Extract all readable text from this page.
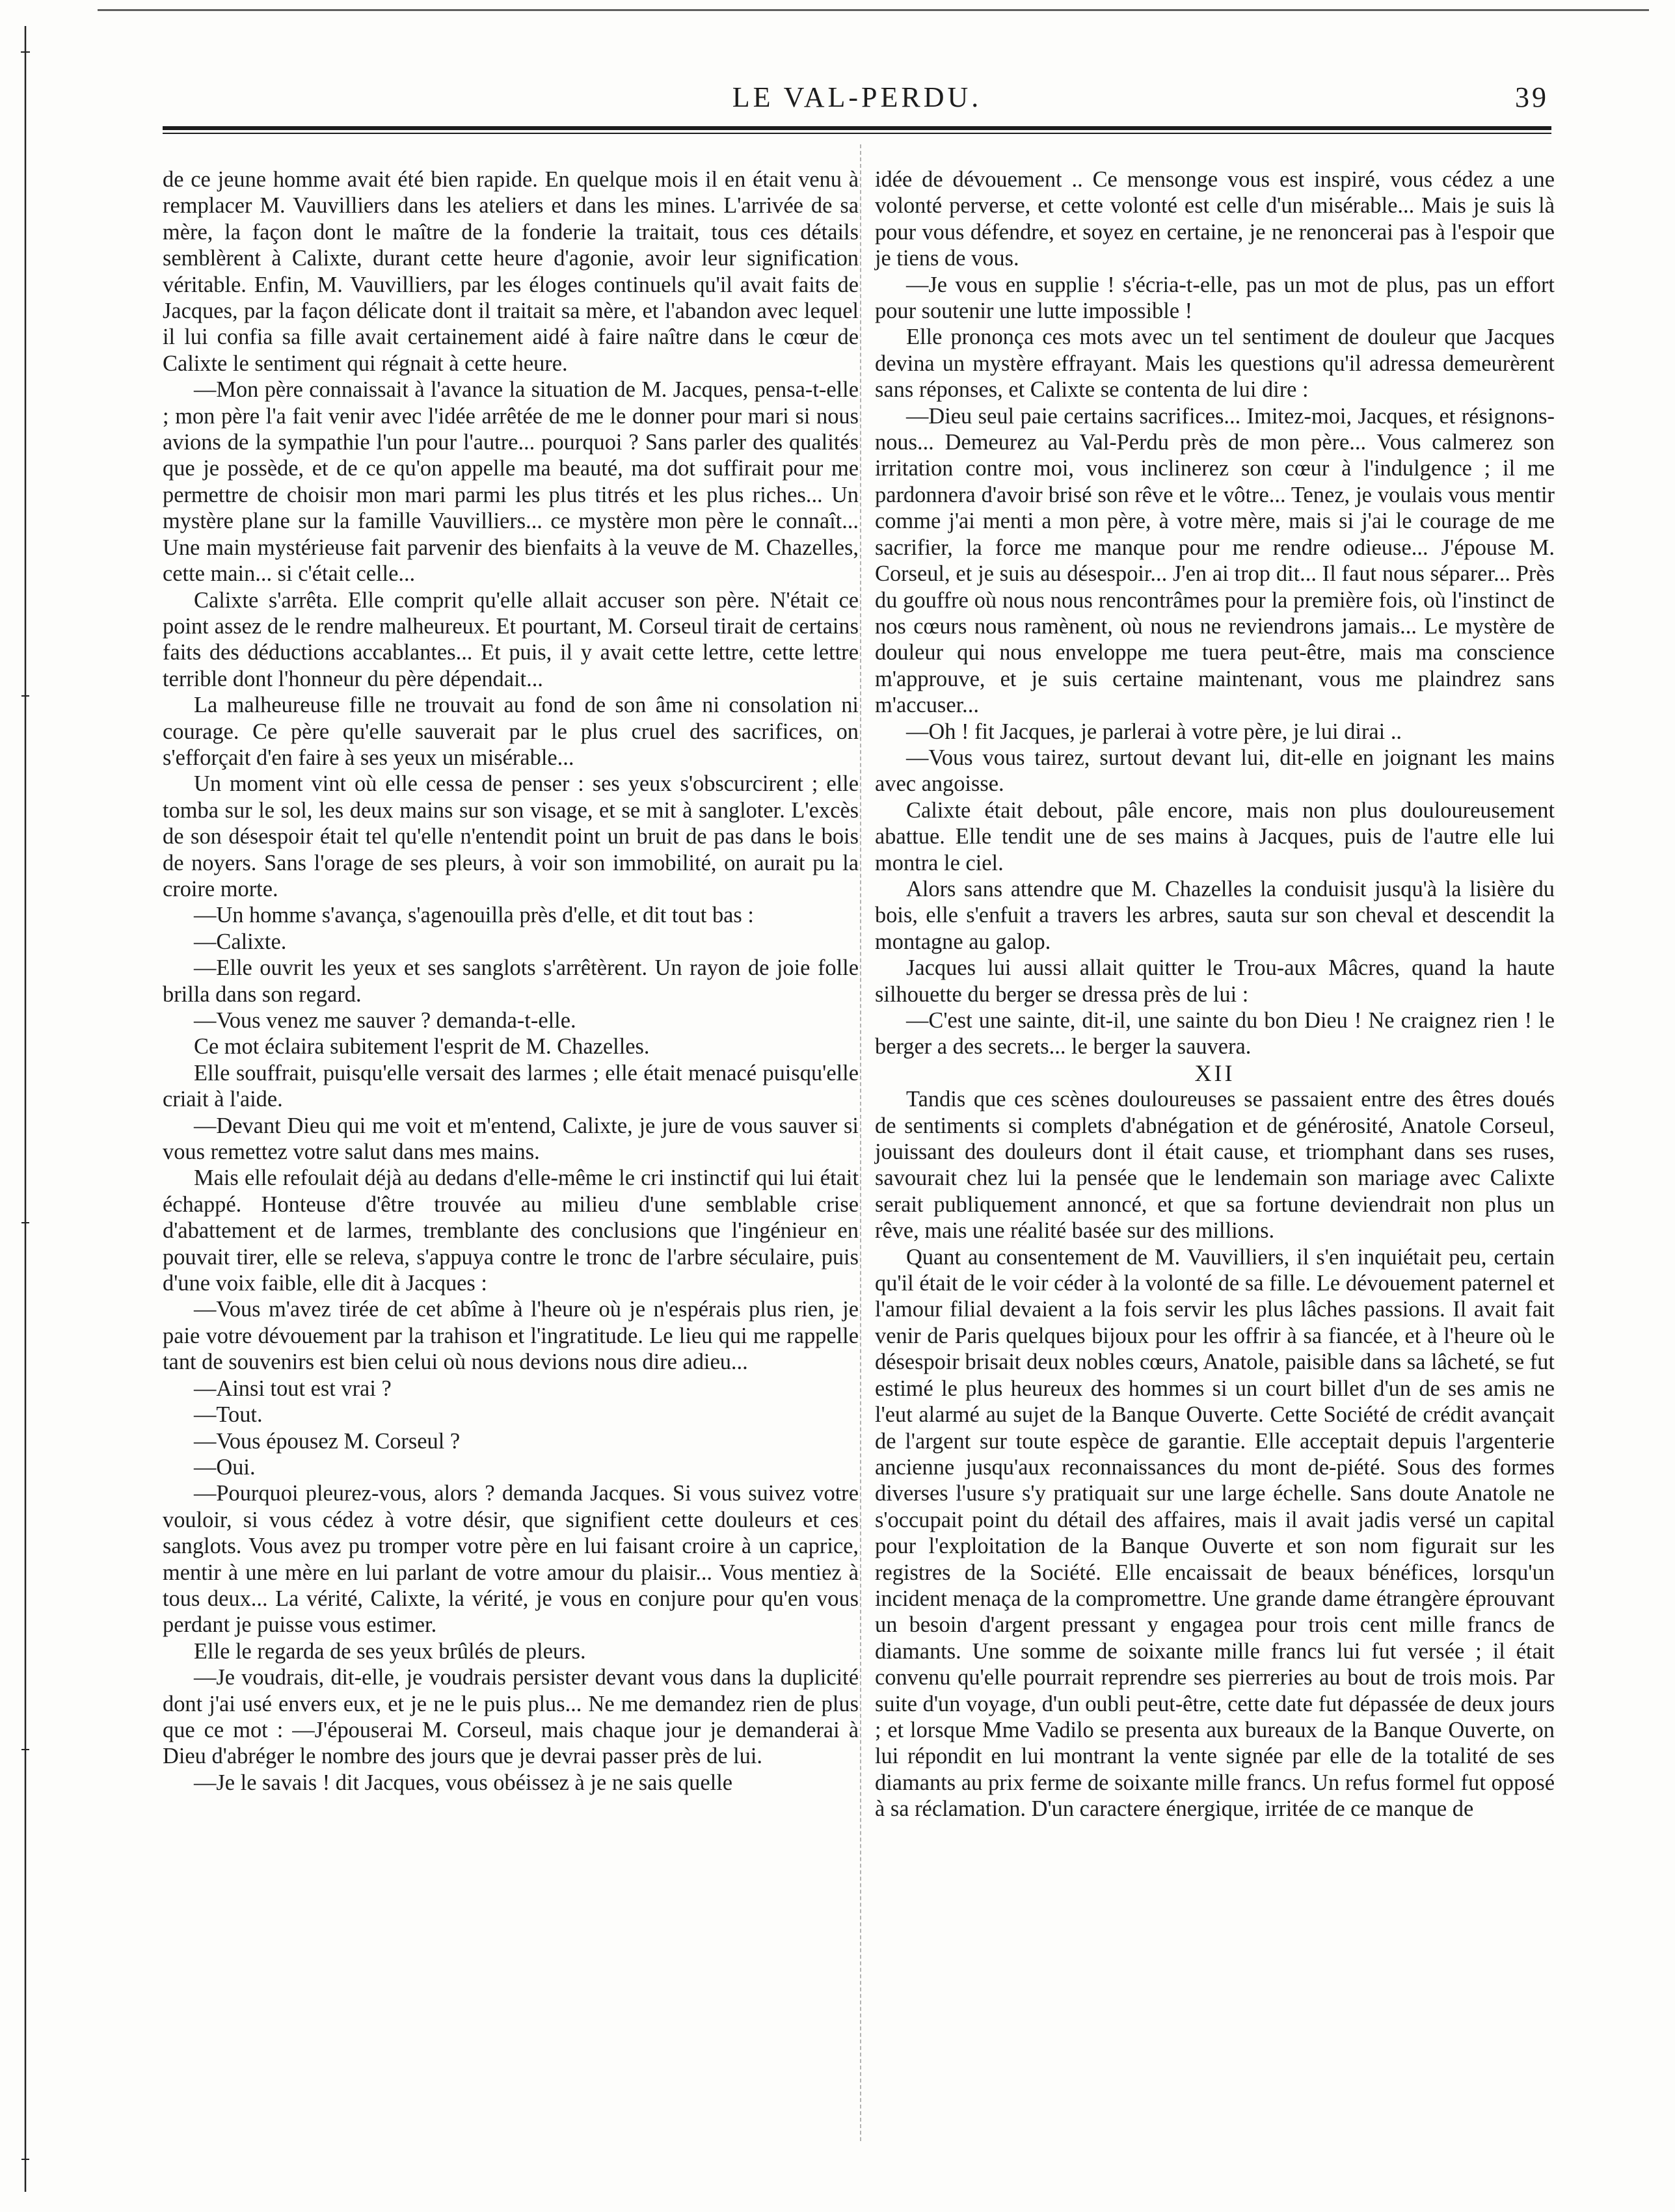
LE VAL-PERDU.	39

de ce jeune homme avait été bien rapide. En quelque mois il en était venu à remplacer M. Vauvilliers dans les ateliers et dans les mines. L'arrivée de sa mère, la façon dont le maître de la fonderie la traitait, tous ces détails semblèrent à Calixte, durant cette heure d'agonie, avoir leur signification véritable. Enfin, M. Vauvilliers, par les éloges continuels qu'il avait faits de Jacques, par la façon délicate dont il traitait sa mère, et l'abandon avec lequel il lui confia sa fille avait certainement aidé à faire naître dans le cœur de Calixte le sentiment qui régnait à cette heure.

—Mon père connaissait à l'avance la situation de M. Jacques, pensa-t-elle ; mon père l'a fait venir avec l'idée arrêtée de me le donner pour mari si nous avions de la sympathie l'un pour l'autre... pourquoi ? Sans parler des qualités que je possède, et de ce qu'on appelle ma beauté, ma dot suffirait pour me permettre de choisir mon mari parmi les plus titrés et les plus riches... Un mystère plane sur la famille Vauvilliers... ce mystère mon père le connaît... Une main mystérieuse fait parvenir des bienfaits à la veuve de M. Chazelles, cette main... si c'était celle...

Calixte s'arrêta. Elle comprit qu'elle allait accuser son père. N'était ce point assez de le rendre malheureux. Et pourtant, M. Corseul tirait de certains faits des déductions accablantes... Et puis, il y avait cette lettre, cette lettre terrible dont l'honneur du père dépendait...

La malheureuse fille ne trouvait au fond de son âme ni consolation ni courage. Ce père qu'elle sauverait par le plus cruel des sacrifices, on s'efforçait d'en faire à ses yeux un misérable...

Un moment vint où elle cessa de penser : ses yeux s'obscurcirent ; elle tomba sur le sol, les deux mains sur son visage, et se mit à sangloter. L'excès de son désespoir était tel qu'elle n'entendit point un bruit de pas dans le bois de noyers. Sans l'orage de ses pleurs, à voir son immobilité, on aurait pu la croire morte.

—Un homme s'avança, s'agenouilla près d'elle, et dit tout bas :

—Calixte.

—Elle ouvrit les yeux et ses sanglots s'arrêtèrent. Un rayon de joie folle brilla dans son regard.

—Vous venez me sauver ? demanda-t-elle.

Ce mot éclaira subitement l'esprit de M. Chazelles.

Elle souffrait, puisqu'elle versait des larmes ; elle était menacé puisqu'elle criait à l'aide.

—Devant Dieu qui me voit et m'entend, Calixte, je jure de vous sauver si vous remettez votre salut dans mes mains.

Mais elle refoulait déjà au dedans d'elle-même le cri instinctif qui lui était échappé. Honteuse d'être trouvée au milieu d'une semblable crise d'abattement et de larmes, tremblante des conclusions que l'ingénieur en pouvait tirer, elle se releva, s'appuya contre le tronc de l'arbre séculaire, puis d'une voix faible, elle dit à Jacques :

—Vous m'avez tirée de cet abîme à l'heure où je n'espérais plus rien, je paie votre dévouement par la trahison et l'ingratitude. Le lieu qui me rappelle tant de souvenirs est bien celui où nous devions nous dire adieu...

—Ainsi tout est vrai ?

—Tout.

—Vous épousez M. Corseul ?

—Oui.

—Pourquoi pleurez-vous, alors ? demanda Jacques. Si vous suivez votre vouloir, si vous cédez à votre désir, que signifient cette douleurs et ces sanglots. Vous avez pu tromper votre père en lui faisant croire à un caprice, mentir à une mère en lui parlant de votre amour du plaisir... Vous mentiez à tous deux... La vérité, Calixte, la vérité, je vous en conjure pour qu'en vous perdant je puisse vous estimer.

Elle le regarda de ses yeux brûlés de pleurs.

—Je voudrais, dit-elle, je voudrais persister devant vous dans la duplicité dont j'ai usé envers eux, et je ne le puis plus... Ne me demandez rien de plus que ce mot : —J'épouserai M. Corseul, mais chaque jour je demanderai à Dieu d'abréger le nombre des jours que je devrai passer près de lui.

—Je le savais ! dit Jacques, vous obéissez à je ne sais quelle

idée de dévouement .. Ce mensonge vous est inspiré, vous cédez a une volonté perverse, et cette volonté est celle d'un misérable... Mais je suis là pour vous défendre, et soyez en certaine, je ne renoncerai pas à l'espoir que je tiens de vous.

—Je vous en supplie ! s'écria-t-elle, pas un mot de plus, pas un effort pour soutenir une lutte impossible !

Elle prononça ces mots avec un tel sentiment de douleur que Jacques devina un mystère effrayant. Mais les questions qu'il adressa demeurèrent sans réponses, et Calixte se contenta de lui dire :

—Dieu seul paie certains sacrifices... Imitez-moi, Jacques, et résignons-nous... Demeurez au Val-Perdu près de mon père... Vous calmerez son irritation contre moi, vous inclinerez son cœur à l'indulgence ; il me pardonnera d'avoir brisé son rêve et le vôtre... Tenez, je voulais vous mentir comme j'ai menti a mon père, à votre mère, mais si j'ai le courage de me sacrifier, la force me manque pour me rendre odieuse... J'épouse M. Corseul, et je suis au désespoir... J'en ai trop dit... Il faut nous séparer... Près du gouffre où nous nous rencontrâmes pour la première fois, où l'instinct de nos cœurs nous ramènent, où nous ne reviendrons jamais... Le mystère de douleur qui nous enveloppe me tuera peut-être, mais ma conscience m'approuve, et je suis certaine maintenant, vous me plaindrez sans m'accuser...

—Oh ! fit Jacques, je parlerai à votre père, je lui dirai ..

—Vous vous tairez, surtout devant lui, dit-elle en joignant les mains avec angoisse.

Calixte était debout, pâle encore, mais non plus douloureusement abattue. Elle tendit une de ses mains à Jacques, puis de l'autre elle lui montra le ciel.

Alors sans attendre que M. Chazelles la conduisit jusqu'à la lisière du bois, elle s'enfuit a travers les arbres, sauta sur son cheval et descendit la montagne au galop.

Jacques lui aussi allait quitter le Trou-aux Mâcres, quand la haute silhouette du berger se dressa près de lui :

—C'est une sainte, dit-il, une sainte du bon Dieu ! Ne craignez rien ! le berger a des secrets... le berger la sauvera.

XII

Tandis que ces scènes douloureuses se passaient entre des êtres doués de sentiments si complets d'abnégation et de générosité, Anatole Corseul, jouissant des douleurs dont il était cause, et triomphant dans ses ruses, savourait chez lui la pensée que le lendemain son mariage avec Calixte serait publiquement annoncé, et que sa fortune deviendrait non plus un rêve, mais une réalité basée sur des millions.

Quant au consentement de M. Vauvilliers, il s'en inquiétait peu, certain qu'il était de le voir céder à la volonté de sa fille. Le dévouement paternel et l'amour filial devaient a la fois servir les plus lâches passions. Il avait fait venir de Paris quelques bijoux pour les offrir à sa fiancée, et à l'heure où le désespoir brisait deux nobles cœurs, Anatole, paisible dans sa lâcheté, se fut estimé le plus heureux des hommes si un court billet d'un de ses amis ne l'eut alarmé au sujet de la Banque Ouverte. Cette Société de crédit avançait de l'argent sur toute espèce de garantie. Elle acceptait depuis l'argenterie ancienne jusqu'aux reconnaissances du mont de-piété. Sous des formes diverses l'usure s'y pratiquait sur une large échelle. Sans doute Anatole ne s'occupait point du détail des affaires, mais il avait jadis versé un capital pour l'exploitation de la Banque Ouverte et son nom figurait sur les registres de la Société. Elle encaissait de beaux bénéfices, lorsqu'un incident menaça de la compromettre. Une grande dame étrangère éprouvant un besoin d'argent pressant y engagea pour trois cent mille francs de diamants. Une somme de soixante mille francs lui fut versée ; il était convenu qu'elle pourrait reprendre ses pierreries au bout de trois mois. Par suite d'un voyage, d'un oubli peut-être, cette date fut dépassée de deux jours ; et lorsque Mme Vadilo se presenta aux bureaux de la Banque Ouverte, on lui répondit en lui montrant la vente signée par elle de la totalité de ses diamants au prix ferme de soixante mille francs. Un refus formel fut opposé à sa réclamation. D'un caractere énergique, irritée de ce manque de
